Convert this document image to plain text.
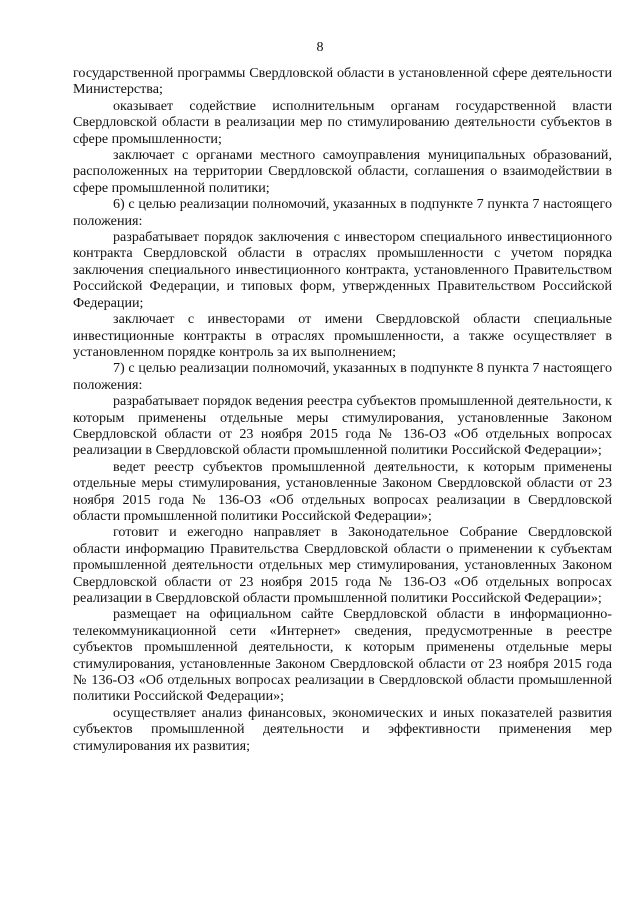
8

государственной программы Свердловской области в установленной сфере деятельности Министерства;

оказывает содействие исполнительным органам государственной власти Свердловской области в реализации мер по стимулированию деятельности субъектов в сфере промышленности;

заключает с органами местного самоуправления муниципальных образований, расположенных на территории Свердловской области, соглашения о взаимодействии в сфере промышленной политики;

6) с целью реализации полномочий, указанных в подпункте 7 пункта 7 настоящего положения:

разрабатывает порядок заключения с инвестором специального инвестиционного контракта Свердловской области в отраслях промышленности с учетом порядка заключения специального инвестиционного контракта, установленного Правительством Российской Федерации, и типовых форм, утвержденных Правительством Российской Федерации;

заключает с инвесторами от имени Свердловской области специальные инвестиционные контракты в отраслях промышленности, а также осуществляет в установленном порядке контроль за их выполнением;

7) с целью реализации полномочий, указанных в подпункте 8 пункта 7 настоящего положения:

разрабатывает порядок ведения реестра субъектов промышленной деятельности, к которым применены отдельные меры стимулирования, установленные Законом Свердловской области от 23 ноября 2015 года № 136-ОЗ «Об отдельных вопросах реализации в Свердловской области промышленной политики Российской Федерации»;

ведет реестр субъектов промышленной деятельности, к которым применены отдельные меры стимулирования, установленные Законом Свердловской области от 23 ноября 2015 года № 136-ОЗ «Об отдельных вопросах реализации в Свердловской области промышленной политики Российской Федерации»;

готовит и ежегодно направляет в Законодательное Собрание Свердловской области информацию Правительства Свердловской области о применении к субъектам промышленной деятельности отдельных мер стимулирования, установленных Законом Свердловской области от 23 ноября 2015 года № 136-ОЗ «Об отдельных вопросах реализации в Свердловской области промышленной политики Российской Федерации»;

размещает на официальном сайте Свердловской области в информационно-телекоммуникационной сети «Интернет» сведения, предусмотренные в реестре субъектов промышленной деятельности, к которым применены отдельные меры стимулирования, установленные Законом Свердловской области от 23 ноября 2015 года № 136-ОЗ «Об отдельных вопросах реализации в Свердловской области промышленной политики Российской Федерации»;

осуществляет анализ финансовых, экономических и иных показателей развития субъектов промышленной деятельности и эффективности применения мер стимулирования их развития;
